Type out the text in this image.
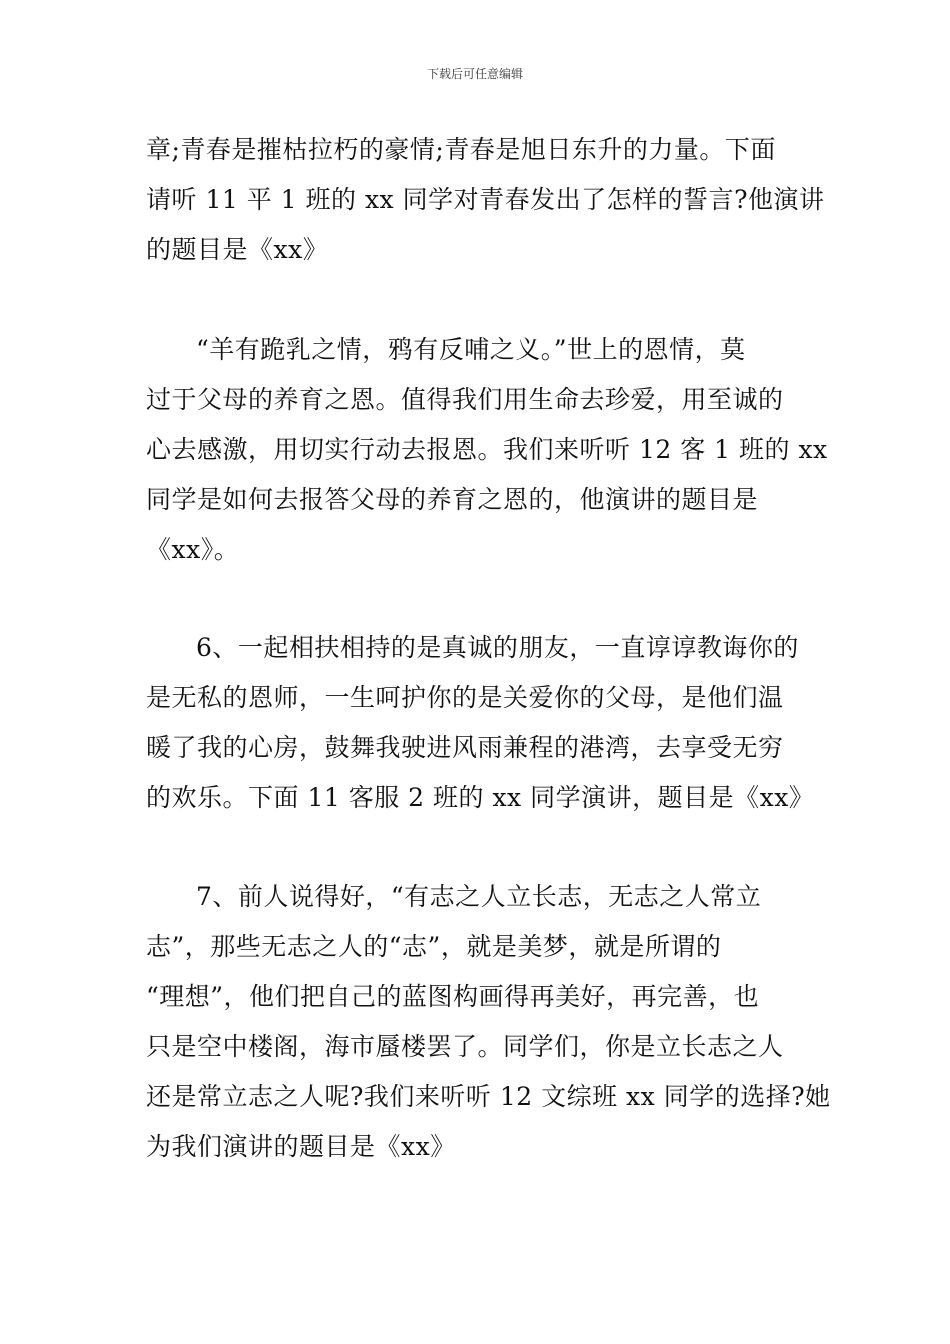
下载后可任意编辑
章;青春是摧枯拉朽的豪情;青春是旭日东升的力量。下面
请听 11 平 1 班的 xx 同学对青春发出了怎样的誓言?他演讲
的题目是《xx》
“羊有跪乳之情，鸦有反哺之义。”世上的恩情，莫
过于父母的养育之恩。值得我们用生命去珍爱，用至诚的
心去感激，用切实行动去报恩。我们来听听 12 客 1 班的 xx
同学是如何去报答父母的养育之恩的，他演讲的题目是
《xx》。
6、一起相扶相持的是真诚的朋友，一直谆谆教诲你的
是无私的恩师，一生呵护你的是关爱你的父母，是他们温
暖了我的心房，鼓舞我驶进风雨兼程的港湾，去享受无穷
的欢乐。下面 11 客服 2 班的 xx 同学演讲，题目是《xx》
7、前人说得好，“有志之人立长志，无志之人常立
志”，那些无志之人的“志”，就是美梦，就是所谓的
“理想”，他们把自己的蓝图构画得再美好，再完善，也
只是空中楼阁，海市蜃楼罢了。同学们，你是立长志之人
还是常立志之人呢?我们来听听 12 文综班 xx 同学的选择?她
为我们演讲的题目是《xx》
